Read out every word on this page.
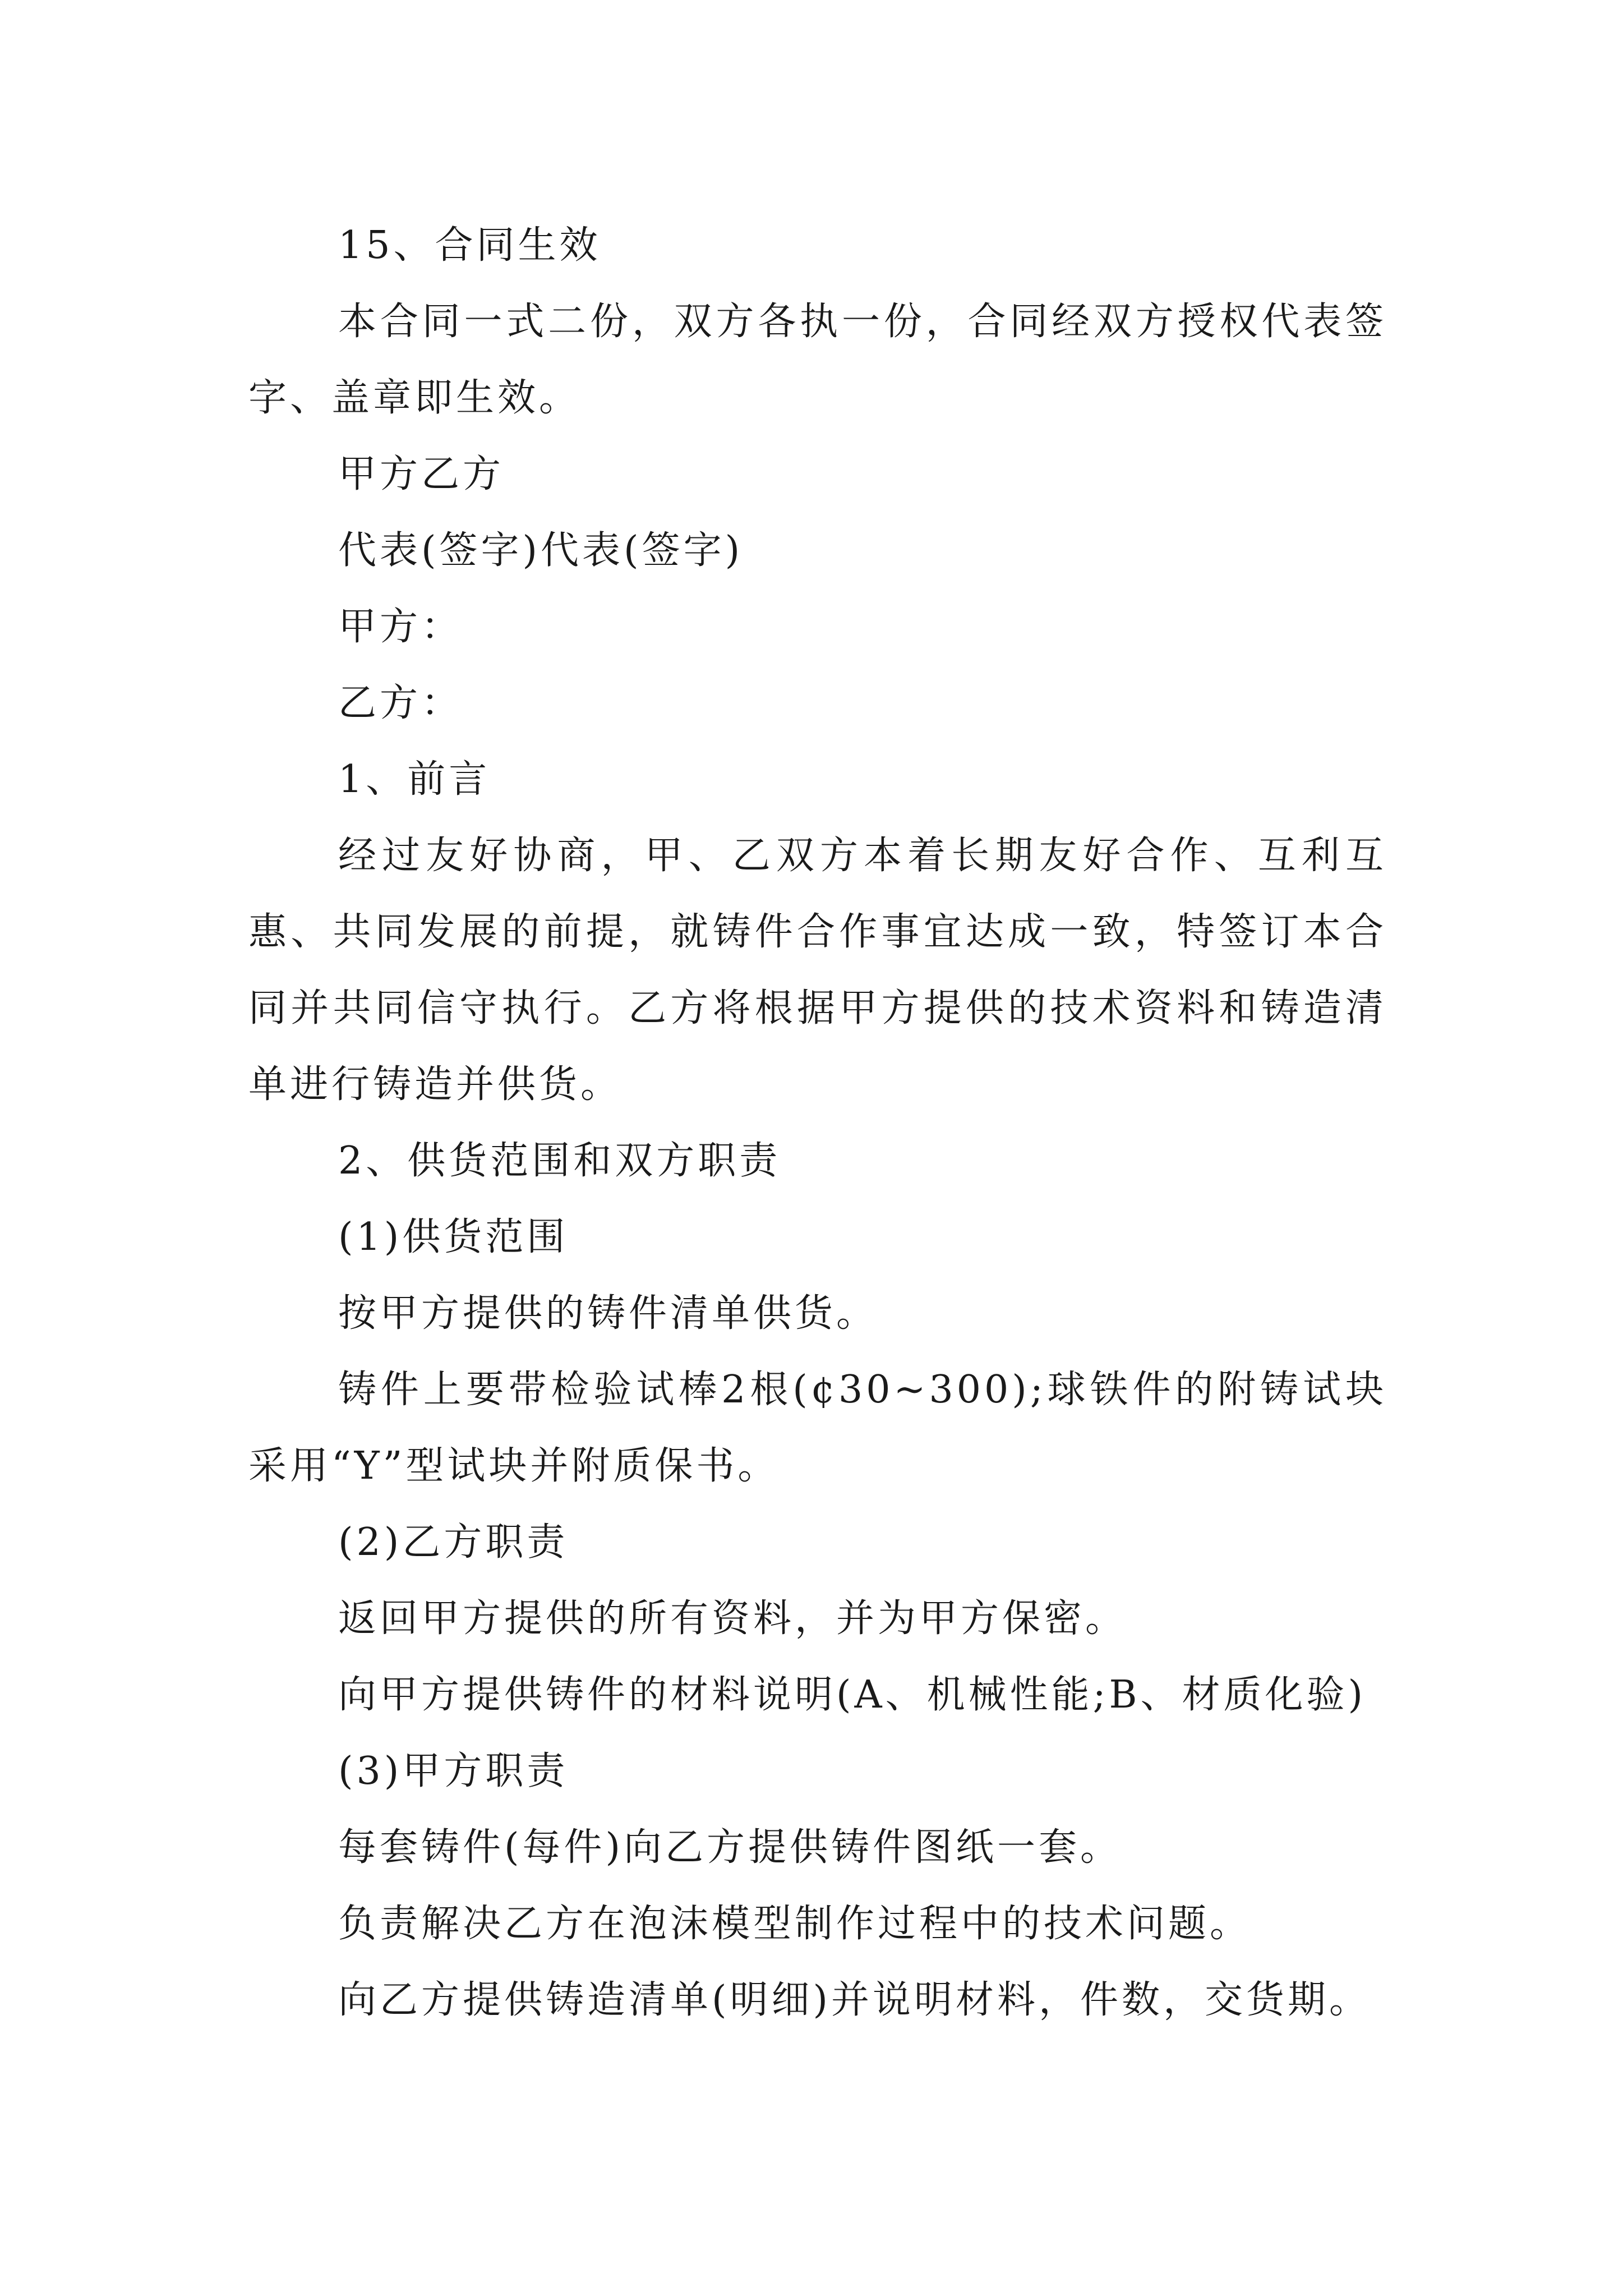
15、合同生效

本合同一式二份，双方各执一份，合同经双方授权代表签字、盖章即生效。

甲方乙方

代表(签字)代表(签字)

甲方：

乙方：

1、前言

经过友好协商，甲、乙双方本着长期友好合作、互利互惠、共同发展的前提，就铸件合作事宜达成一致，特签订本合同并共同信守执行。乙方将根据甲方提供的技术资料和铸造清单进行铸造并供货。

2、供货范围和双方职责

(1)供货范围

按甲方提供的铸件清单供货。

铸件上要带检验试棒2根(¢30~300);球铁件的附铸试块采用“Y”型试块并附质保书。

(2)乙方职责

返回甲方提供的所有资料，并为甲方保密。

向甲方提供铸件的材料说明(A、机械性能;B、材质化验)

(3)甲方职责

每套铸件(每件)向乙方提供铸件图纸一套。

负责解决乙方在泡沫模型制作过程中的技术问题。

向乙方提供铸造清单(明细)并说明材料，件数，交货期。
